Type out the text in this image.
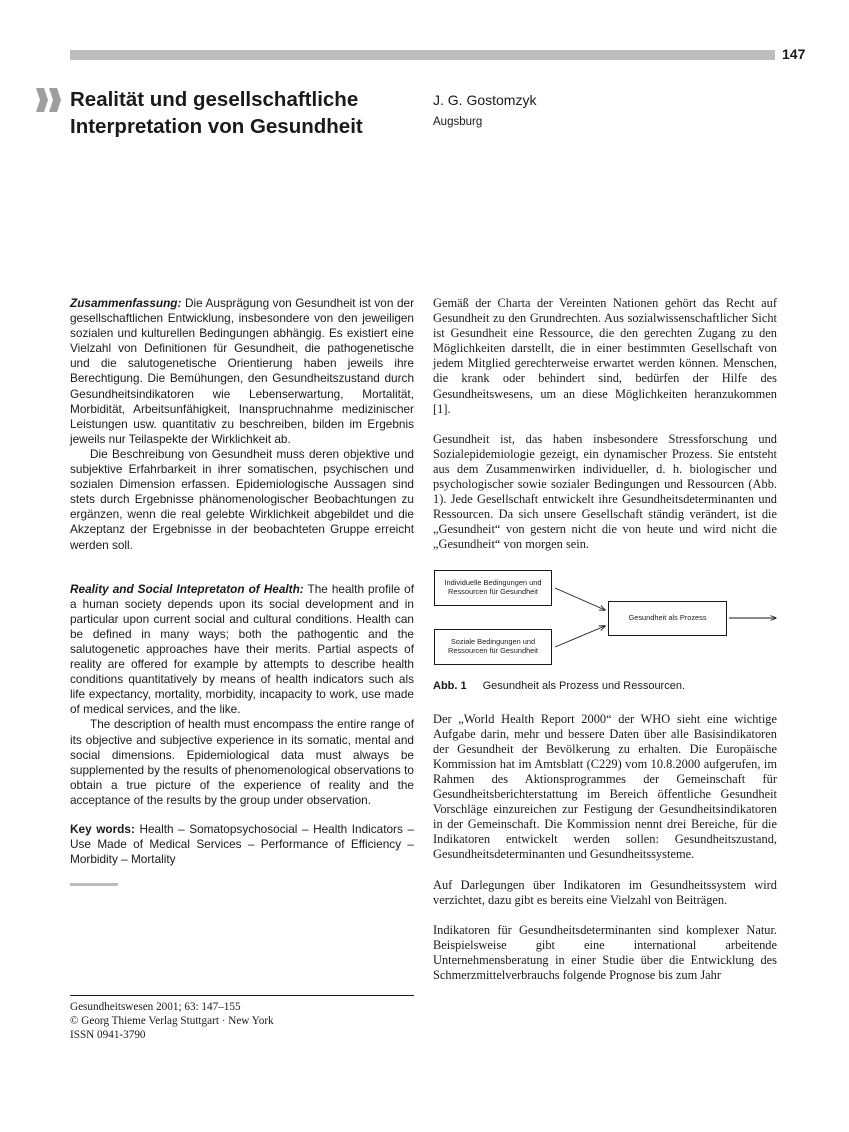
147
Realität und gesellschaftliche Interpretation von Gesundheit
J. G. Gostomzyk
Augsburg

Zusammenfassung: Die Ausprägung von Gesundheit ist von der gesellschaftlichen Entwicklung, insbesondere von den jeweiligen sozialen und kulturellen Bedingungen abhängig. Es existiert eine Vielzahl von Definitionen für Gesundheit, die pathogenetische und die salutogenetische Orientierung haben jeweils ihre Berechtigung. Die Bemühungen, den Gesundheitszustand durch Gesundheitsindikatoren wie Lebenserwartung, Mortalität, Morbidität, Arbeitsunfähigkeit, Inanspruchnahme medizinischer Leistungen usw. quantitativ zu beschreiben, bilden im Ergebnis jeweils nur Teilaspekte der Wirklichkeit ab.

Die Beschreibung von Gesundheit muss deren objektive und subjektive Erfahrbarkeit in ihrer somatischen, psychischen und sozialen Dimension erfassen. Epidemiologische Aussagen sind stets durch Ergebnisse phänomenologischer Beobachtungen zu ergänzen, wenn die real gelebte Wirklichkeit abgebildet und die Akzeptanz der Ergebnisse in der beobachteten Gruppe erreicht werden soll.

Reality and Social Intepretaton of Health: The health profile of a human society depends upon its social development and in particular upon current social and cultural conditions. Health can be defined in many ways; both the pathogentic and the salutogenetic approaches have their merits. Partial aspects of reality are offered for example by attempts to describe health conditions quantitatively by means of health indicators such als life expectancy, mortality, morbidity, incapacity to work, use made of medical services, and the like.

The description of health must encompass the entire range of its objective and subjective experience in its somatic, mental and social dimensions. Epidemiological data must always be supplemented by the results of phenomenological observations to obtain a true picture of the experience of reality and the acceptance of the results by the group under observation.

Key words: Health – Somatopsychosocial – Health Indicators – Use Made of Medical Services – Performance of Efficiency – Morbidity – Mortality

Gesundheitswesen 2001; 63: 147–155
© Georg Thieme Verlag Stuttgart · New York
ISSN 0941-3790

Gemäß der Charta der Vereinten Nationen gehört das Recht auf Gesundheit zu den Grundrechten. Aus sozialwissenschaftlicher Sicht ist Gesundheit eine Ressource, die den gerechten Zugang zu den Möglichkeiten darstellt, die in einer bestimmten Gesellschaft von jedem Mitglied gerechterweise erwartet werden können. Menschen, die krank oder behindert sind, bedürfen der Hilfe des Gesundheitswesens, um an diese Möglichkeiten heranzukommen [1].

Gesundheit ist, das haben insbesondere Stressforschung und Sozialepidemiologie gezeigt, ein dynamischer Prozess. Sie entsteht aus dem Zusammenwirken individueller, d. h. biologischer und psychologischer sowie sozialer Bedingungen und Ressourcen (Abb. 1). Jede Gesellschaft entwickelt ihre Gesundheitsdeterminanten und Ressourcen. Da sich unsere Gesellschaft ständig verändert, ist die „Gesundheit“ von gestern nicht die von heute und wird nicht die „Gesundheit“ von morgen sein.

Individuelle Bedingungen und Ressourcen für Gesundheit
Soziale Bedingungen und Ressourcen für Gesundheit
Gesundheit als Prozess
Abb. 1 Gesundheit als Prozess und Ressourcen.

Der „World Health Report 2000“ der WHO sieht eine wichtige Aufgabe darin, mehr und bessere Daten über alle Basisindikatoren der Gesundheit der Bevölkerung zu erhalten. Die Europäische Kommission hat im Amtsblatt (C229) vom 10.8.2000 aufgerufen, im Rahmen des Aktionsprogrammes der Gemeinschaft für Gesundheitsberichterstattung im Bereich öffentliche Gesundheit Vorschläge einzureichen zur Festigung der Gesundheitsindikatoren in der Gemeinschaft. Die Kommission nennt drei Bereiche, für die Indikatoren entwickelt werden sollen: Gesundheitszustand, Gesundheitsdeterminanten und Gesundheitssysteme.

Auf Darlegungen über Indikatoren im Gesundheitssystem wird verzichtet, dazu gibt es bereits eine Vielzahl von Beiträgen.

Indikatoren für Gesundheitsdeterminanten sind komplexer Natur. Beispielsweise gibt eine international arbeitende Unternehmensberatung in einer Studie über die Entwicklung des Schmerzmittelverbrauchs folgende Prognose bis zum Jahr
